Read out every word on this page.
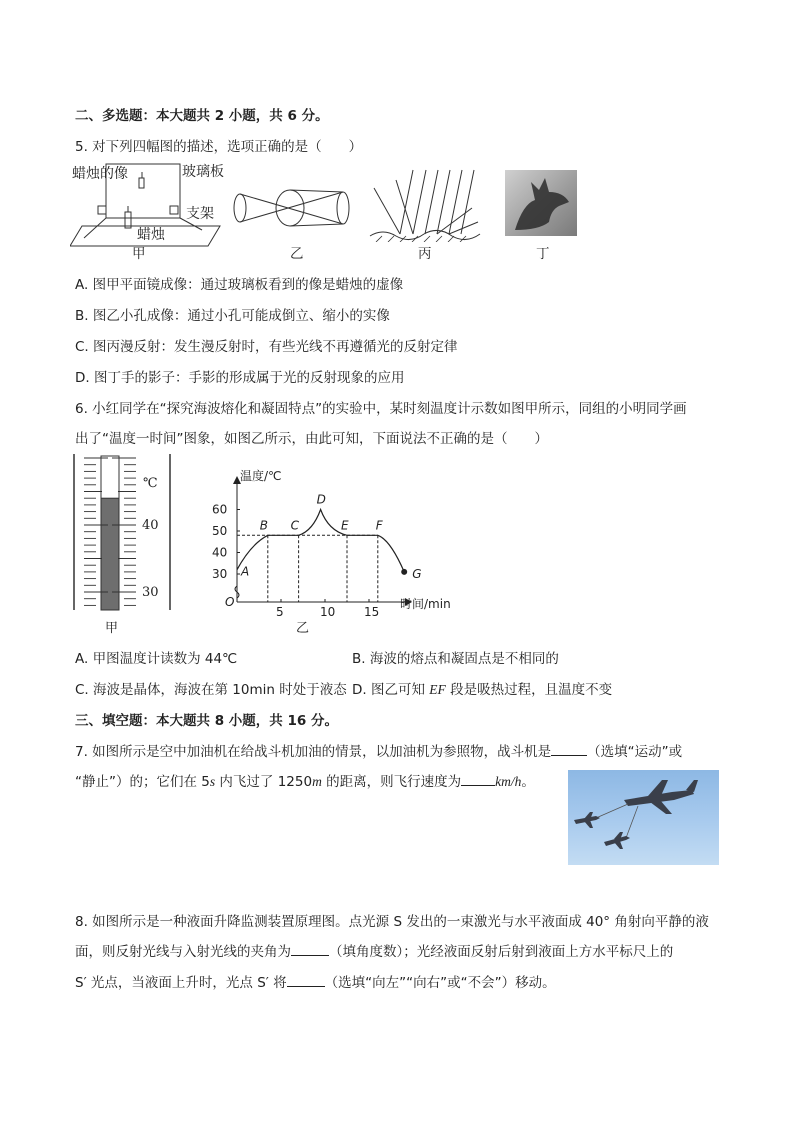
二、多选题：本大题共 2 小题，共 6 分。
5. 对下列四幅图的描述，选项正确的是（　　）
蜡烛的像	玻璃板
支架
蜡烛
甲	乙	丙	丁
A. 图甲平面镜成像：通过玻璃板看到的像是蜡烛的虚像
B. 图乙小孔成像：通过小孔可能成倒立、缩小的实像
C. 图丙漫反射：发生漫反射时，有些光线不再遵循光的反射定律
D. 图丁手的影子：手影的形成属于光的反射现象的应用
6. 小红同学在“探究海波熔化和凝固特点”的实验中，某时刻温度计示数如图甲所示，同组的小明同学画
出了“温度一时间”图象，如图乙所示，由此可知，下面说法不正确的是（　　）
℃
40
30
甲
温度/℃
时间/min
O
30
40
50
60
5	10 15
A
B C
D
E F
G
乙
A. 甲图温度计读数为 44℃	B. 海波的熔点和凝固点是不相同的
C. 海波是晶体，海波在第 10min 时处于液态 D. 图乙可知 EF 段是吸热过程，且温度不变
三、填空题：本大题共 8 小题，共 16 分。
7. 如图所示是空中加油机在给战斗机加油的情景，以加油机为参照物，战斗机是	（选填“运动”或
“静止”）的；它们在 5s 内飞过了 1250m 的距离，则飞行速度为	km/h。
8. 如图所示是一种液面升降监测装置原理图。点光源 S 发出的一束激光与水平液面成 40° 角射向平静的液
面，则反射光线与入射光线的夹角为	（填角度数）；光经液面反射后射到液面上方水平标尺上的
S′ 光点，当液面上升时，光点 S′ 将	（选填“向左”“向右”或“不会”）移动。
